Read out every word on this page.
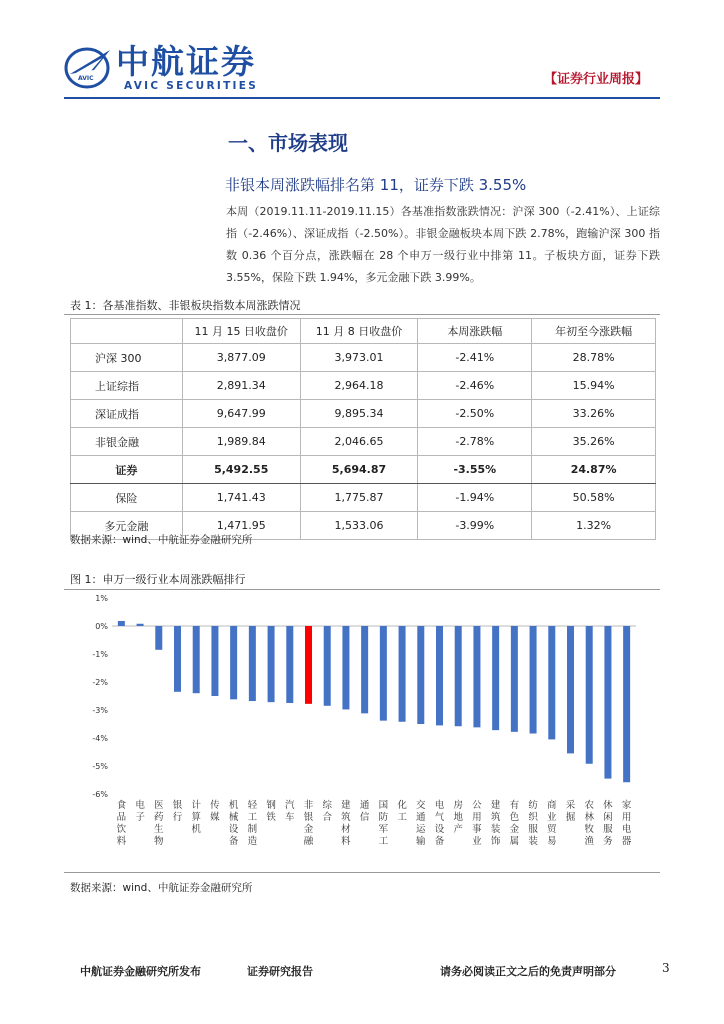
AVIC 中航证券
AVIC SECURITIES	【证券行业周报】
一、市场表现
非银本周涨跌幅排名第 11，证券下跌 3.55%
本周（2019.11.11-2019.11.15）各基准指数涨跌情况：沪深 300（-2.41%）、上证综指（-2.46%）、深证成指（-2.50%）。非银金融板块本周下跌 2.78%，跑输沪深 300 指数 0.36 个百分点，涨跌幅在 28 个申万一级行业中排第 11。子板块方面，证券下跌 3.55%，保险下跌 1.94%，多元金融下跌 3.99%。
表 1：各基准指数、非银板块指数本周涨跌情况
	11 月 15 日收盘价	11 月 8 日收盘价	本周涨跌幅	年初至今涨跌幅
沪深 300	3,877.09	3,973.01	-2.41%	28.78%
上证综指	2,891.34	2,964.18	-2.46%	15.94%
深证成指	9,647.99	9,895.34	-2.50%	33.26%
非银金融	1,989.84	2,046.65	-2.78%	35.26%
证券	5,492.55	5,694.87	-3.55%	24.87%
保险	1,741.43	1,775.87	-1.94%	50.58%
多元金融	1,471.95	1,533.06	-3.99%	1.32%
数据来源：wind、中航证券金融研究所
图 1：申万一级行业本周涨跌幅排行
1%
0%
-1%
-2%
-3%
-4%
-5%
-6%
食品饮料
电子
医药生物
银行
计算机
传媒
机械设备
轻工制造
钢铁
汽车
非银金融
综合
建筑材料
通信
国防军工
化工
交通运输
电气设备
房地产
公用事业
建筑装饰
有色金属
纺织服装
商业贸易
采掘
农林牧渔
休闲服务
家用电器
数据来源：wind、中航证券金融研究所
中航证券金融研究所发布	证券研究报告	请务必阅读正文之后的免责声明部分	3
